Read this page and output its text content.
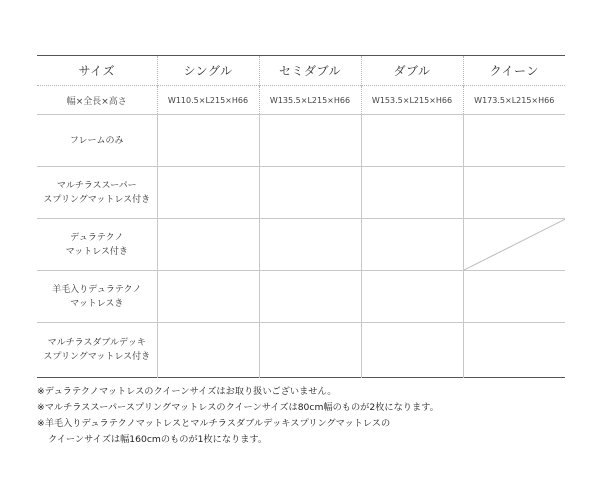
サイズ	シングル	セミダブル	ダブル	クイーン
幅×全長×高さ	W110.5×L215×H66	W135.5×L215×H66	W153.5×L215×H66	W173.5×L215×H66

フレームのみ				

マルチラススーパー
スプリングマットレス付き				

デュラテクノ
マットレス付き

羊毛入りデュラテクノ
マットレスき				

マルチラスダブルデッキ
スプリングマットレス付き				

※デュラテクノマットレスのクイーンサイズはお取り扱いございません。
※マルチラススーパースプリングマットレスのクイーンサイズは80cm幅のものが2枚になります。
※羊毛入りデュラテクノマットレスとマルチラスダブルデッキスプリングマットレスの
クイーンサイズは幅160cmのものが1枚になります。
